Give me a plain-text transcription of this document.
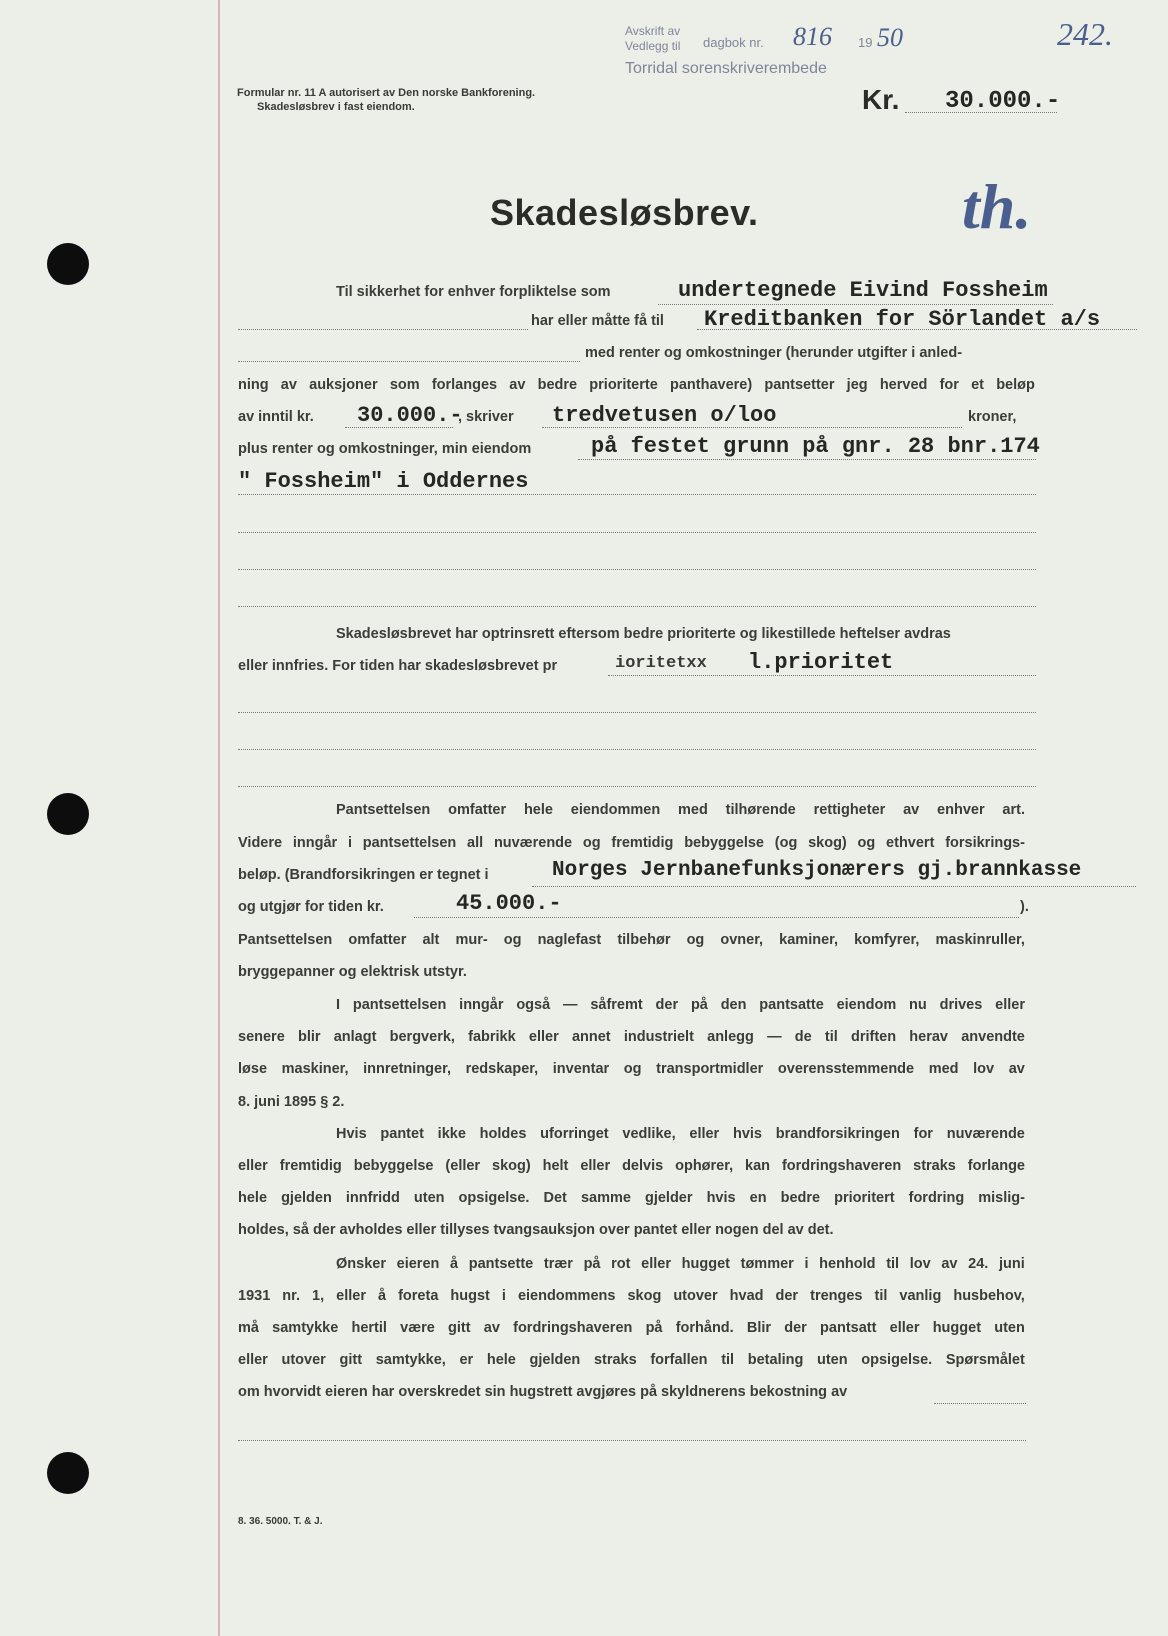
Avskrift av
Vedlegg til dagbok nr. 816 19 50	242.
Torridal sorenskriverembede
Formular nr. 11 A autorisert av Den norske Bankforening.
Skadesløsbrev i fast eiendom.	Kr. 30.000.-
Skadesløsbrev.	th.
Til sikkerhet for enhver forpliktelse som	undertegnede Eivind Fossheim
har eller måtte få til Kreditbanken for Sörlandet a/s
med renter og omkostninger (herunder utgifter i anled-
ning av auksjoner som forlanges av bedre prioriterte panthavere) pantsetter jeg herved for et beløp
av inntil kr. 30.000.-
, skriver tredvetusen o/loo	kroner,
plus renter og omkostninger, min eiendom	på festet grunn på gnr. 28 bnr.174
" Fossheim" i Oddernes
Skadesløsbrevet har optrinsrett eftersom bedre prioriterte og likestillede heftelser avdras
eller innfries. For tiden har skadesløsbrevet pr	ioritetxx l.prioritet
Pantsettelsen omfatter hele eiendommen med tilhørende rettigheter av enhver art.
Videre inngår i pantsettelsen all nuværende og fremtidig bebyggelse (og skog) og ethvert forsikrings-
beløp. (Brandforsikringen er tegnet i	Norges Jernbanefunksjonærers gj.brannkasse
og utgjør for tiden kr.	45.000.-	).
Pantsettelsen omfatter alt mur- og naglefast tilbehør og ovner, kaminer, komfyrer, maskinruller,
bryggepanner og elektrisk utstyr.
I pantsettelsen inngår også — såfremt der på den pantsatte eiendom nu drives eller
senere blir anlagt bergverk, fabrikk eller annet industrielt anlegg — de til driften herav anvendte
løse maskiner, innretninger, redskaper, inventar og transportmidler overensstemmende med lov av
8. juni 1895 § 2.
Hvis pantet ikke holdes uforringet vedlike, eller hvis brandforsikringen for nuværende
eller fremtidig bebyggelse (eller skog) helt eller delvis ophører, kan fordringshaveren straks forlange
hele gjelden innfridd uten opsigelse. Det samme gjelder hvis en bedre prioritert fordring mislig-
holdes, så der avholdes eller tillyses tvangsauksjon over pantet eller nogen del av det.
Ønsker eieren å pantsette trær på rot eller hugget tømmer i henhold til lov av 24. juni
1931 nr. 1, eller å foreta hugst i eiendommens skog utover hvad der trenges til vanlig husbehov,
må samtykke hertil være gitt av fordringshaveren på forhånd. Blir der pantsatt eller hugget uten
eller utover gitt samtykke, er hele gjelden straks forfallen til betaling uten opsigelse. Spørsmålet
om hvorvidt eieren har overskredet sin hugstrett avgjøres på skyldnerens bekostning av
8. 36. 5000. T. & J.
